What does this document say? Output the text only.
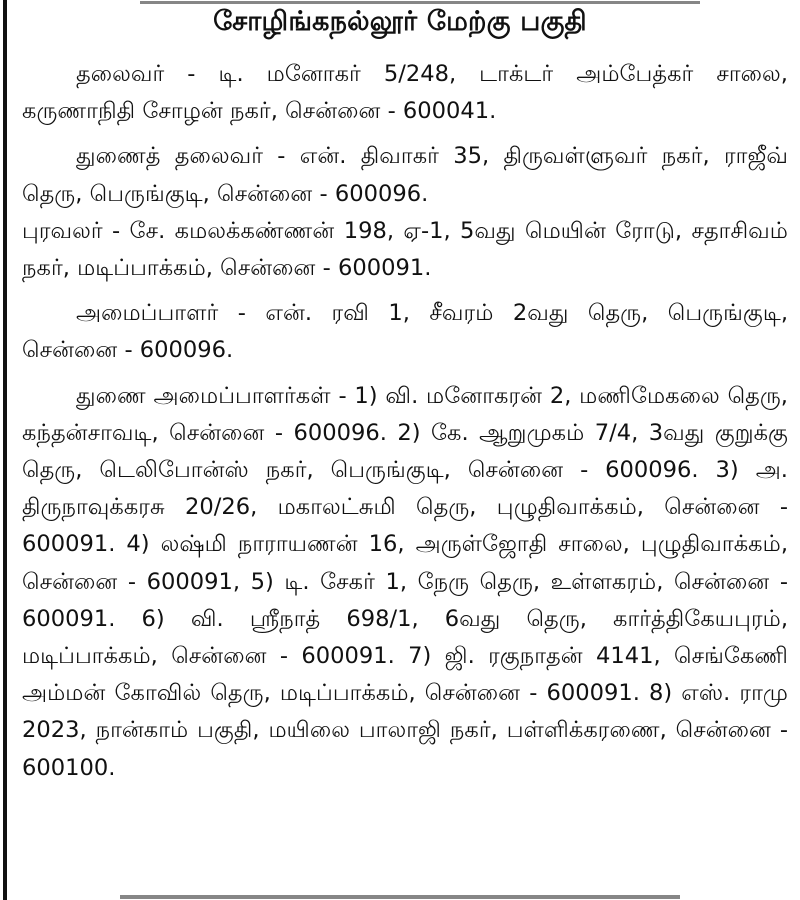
சோழிங்கநல்லூர் மேற்கு பகுதி

தலைவர் - டி. மனோகர் 5/248, டாக்டர் அம்பேத்கர் சாலை, கருணாநிதி சோழன் நகர், சென்னை - 600041.

துணைத் தலைவர் - என். திவாகர் 35, திருவள்ளுவர் நகர், ராஜீவ் தெரு, பெருங்குடி, சென்னை - 600096.

புரவலர் - சே. கமலக்கண்ணன் 198, ஏ-1, 5வது மெயின் ரோடு, சதாசிவம் நகர், மடிப்பாக்கம், சென்னை - 600091.

அமைப்பாளர் - என். ரவி 1, சீவரம் 2வது தெரு, பெருங்குடி, சென்னை - 600096.

துணை அமைப்பாளர்கள் - 1) வி. மனோகரன் 2, மணிமேகலை தெரு, கந்தன்சாவடி, சென்னை - 600096. 2) கே. ஆறுமுகம் 7/4, 3வது குறுக்கு தெரு, டெலிபோன்ஸ் நகர், பெருங்குடி, சென்னை - 600096. 3) அ. திருநாவுக்கரசு 20/26, மகாலட்சுமி தெரு, புழுதிவாக்கம், சென்னை - 600091. 4) லஷ்மி நாராயணன் 16, அருள்ஜோதி சாலை, புழுதிவாக்கம், சென்னை - 600091, 5) டி. சேகர் 1, நேரு தெரு, உள்ளகரம், சென்னை - 600091. 6) வி. ஸ்ரீநாத் 698/1, 6வது தெரு, கார்த்திகேயபுரம், மடிப்பாக்கம், சென்னை - 600091. 7) ஜி. ரகுநாதன் 4141, செங்கேணி அம்மன் கோவில் தெரு, மடிப்பாக்கம், சென்னை - 600091. 8) எஸ். ராமு 2023, நான்காம் பகுதி, மயிலை பாலாஜி நகர், பள்ளிக்கரணை, சென்னை - 600100.
